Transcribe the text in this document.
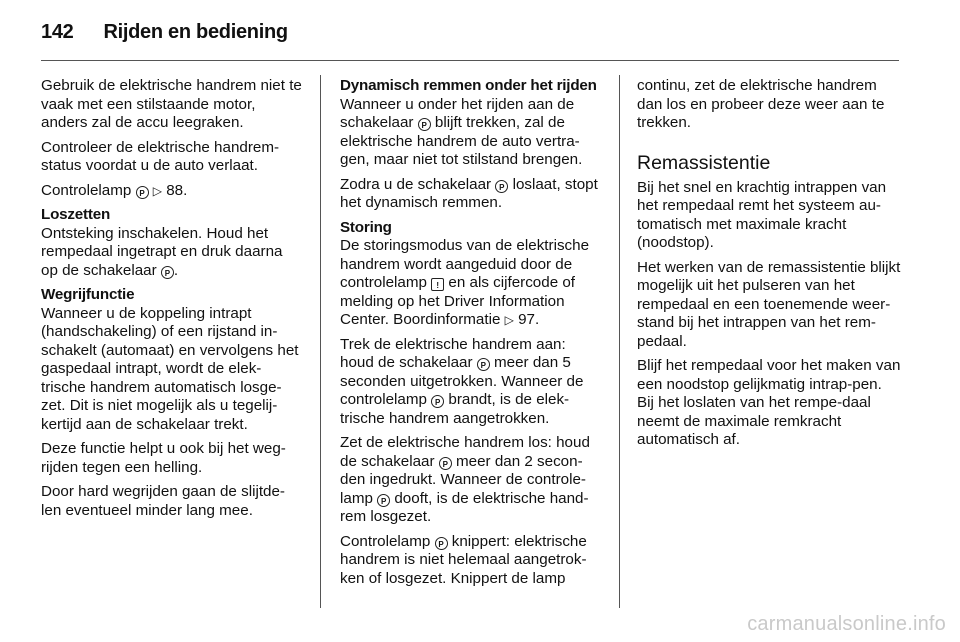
142 Rijden en bediening

Gebruik de elektrische handrem niet te vaak met een stilstaande motor, anders zal de accu leegraken.

Controleer de elektrische handrem-status voordat u de auto verlaat.

Controlelamp P ▷ 88.

Loszetten

Ontsteking inschakelen. Houd het rempedaal ingetrapt en druk daarna op de schakelaar P .

Wegrijfunctie

Wanneer u de koppeling intrapt (handschakeling) of een rijstand in-schakelt (automaat) en vervolgens het gaspedaal intrapt, wordt de elek-trische handrem automatisch losge-zet. Dit is niet mogelijk als u tegelij-kertijd aan de schakelaar trekt.

Deze functie helpt u ook bij het weg-rijden tegen een helling.

Door hard wegrijden gaan de slijtde-len eventueel minder lang mee.

Dynamisch remmen onder het rijden

Wanneer u onder het rijden aan de schakelaar P blijft trekken, zal de elektrische handrem de auto vertra-gen, maar niet tot stilstand brengen.

Zodra u de schakelaar P loslaat, stopt het dynamisch remmen.

Storing

De storingsmodus van de elektrische handrem wordt aangeduid door de controlelamp ! en als cijfercode of melding op het Driver Information Center. Boordinformatie ▷ 97.

Trek de elektrische handrem aan: houd de schakelaar P meer dan 5 seconden uitgetrokken. Wanneer de controlelamp P brandt, is de elek-trische handrem aangetrokken.

Zet de elektrische handrem los: houd de schakelaar P meer dan 2 secon-den ingedrukt. Wanneer de controle-lamp P dooft, is de elektrische hand-rem losgezet.

Controlelamp P knippert: elektrische handrem is niet helemaal aangetrok-ken of losgezet. Knippert de lamp

continu, zet de elektrische handrem dan los en probeer deze weer aan te trekken.

Remassistentie

Bij het snel en krachtig intrappen van het rempedaal remt het systeem au-tomatisch met maximale kracht (noodstop).

Het werken van de remassistentie blijkt mogelijk uit het pulseren van het rempedaal en een toenemende weer-stand bij het intrappen van het rem-pedaal.

Blijf het rempedaal voor het maken van een noodstop gelijkmatig intrap-pen. Bij het loslaten van het rempe-daal neemt de maximale remkracht automatisch af.

carmanualsonline.info
